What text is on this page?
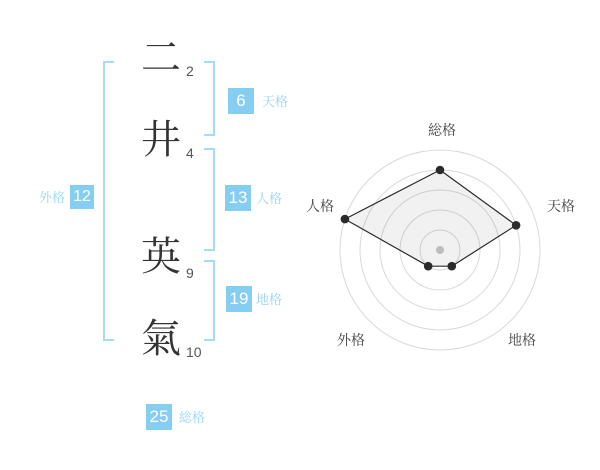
二
井
英
氣
2
4
9
10
6	天格
13 人格
19 地格
外格 12
25 総格
総格
天格
地格
外格
人格
